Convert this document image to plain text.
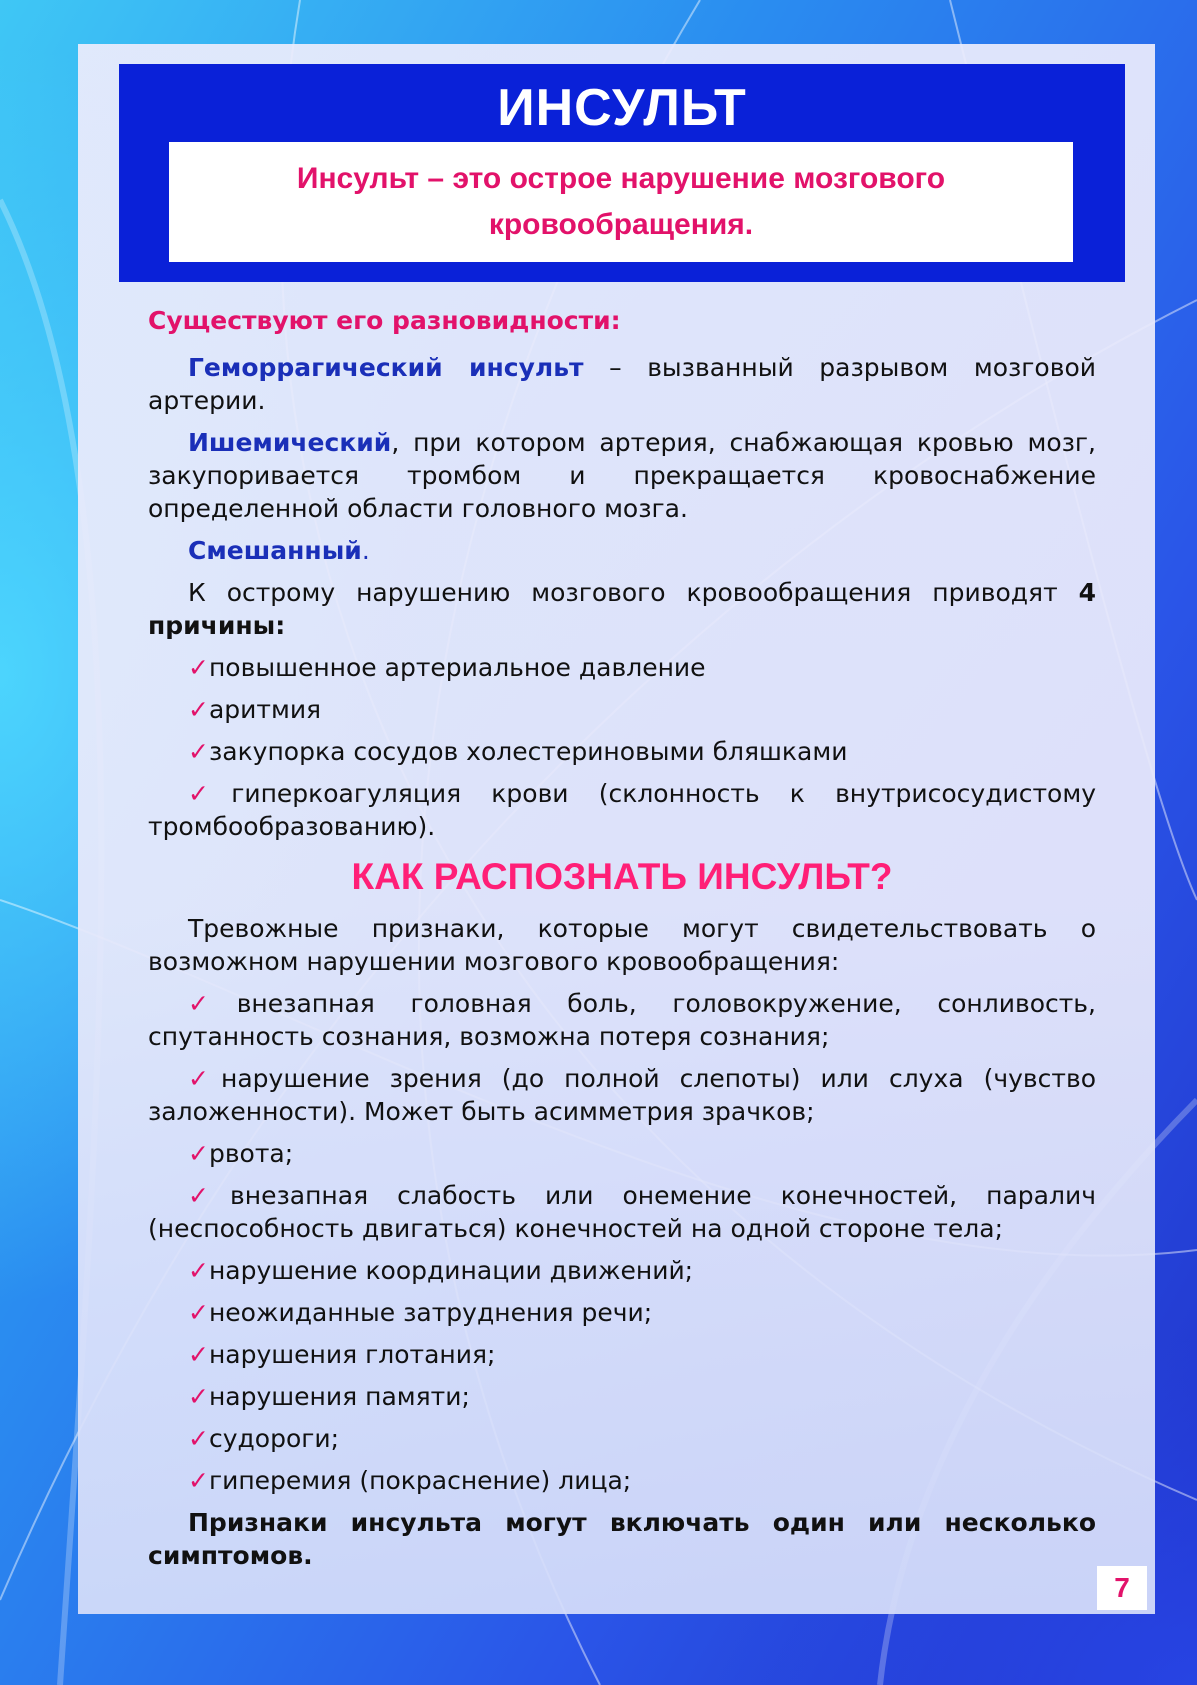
ИНСУЛЬТ
Инсульт – это острое нарушение мозгового кровообращения.
Существуют его разновидности:

Геморрагический инсульт – вызванный разрывом мозговой артерии.

Ишемический, при котором артерия, снабжающая кровью мозг, закупоривается тромбом и прекращается кровоснабжение определенной области головного мозга.

Смешанный.

К острому нарушению мозгового кровообращения приводят 4 причины:

✓повышенное артериальное давление

✓аритмия

✓закупорка сосудов холестериновыми бляшками

✓гиперкоагуляция крови (склонность к внутрисосудистому тромбообразованию).

КАК РАСПОЗНАТЬ ИНСУЛЬТ?

Тревожные признаки, которые могут свидетельствовать о возможном нарушении мозгового кровообращения:

✓внезапная головная боль, головокружение, сонливость, спутанность сознания, возможна потеря сознания;

✓нарушение зрения (до полной слепоты) или слуха (чувство заложенности). Может быть асимметрия зрачков;

✓рвота;

✓внезапная слабость или онемение конечностей, паралич (неспособность двигаться) конечностей на одной стороне тела;

✓нарушение координации движений;

✓неожиданные затруднения речи;

✓нарушения глотания;

✓нарушения памяти;

✓судороги;

✓гиперемия (покраснение) лица;

Признаки инсульта могут включать один или несколько симптомов.

7
